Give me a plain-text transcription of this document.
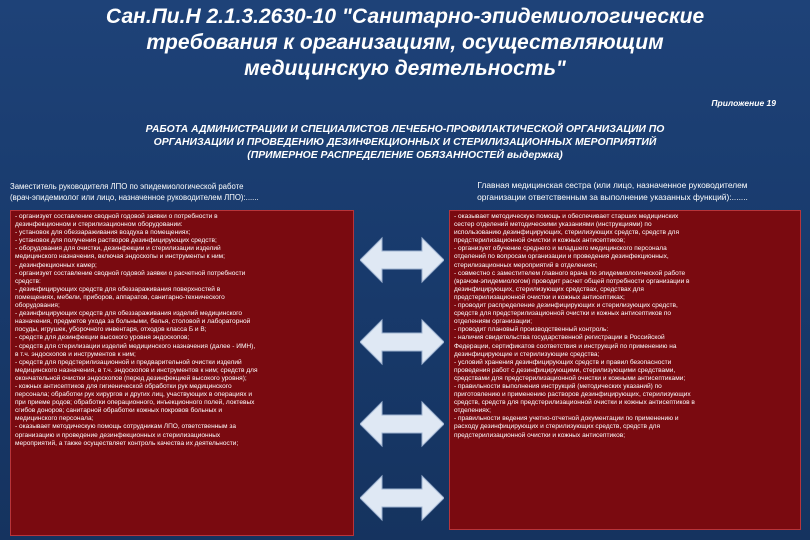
Сан.Пи.Н 2.1.3.2630-10 "Санитарно-эпидемиологические
требования к организациям, осуществляющим
медицинскую деятельность"
Приложение 19
РАБОТА АДМИНИСТРАЦИИ И СПЕЦИАЛИСТОВ ЛЕЧЕБНО-ПРОФИЛАКТИЧЕСКОЙ ОРГАНИЗАЦИИ ПО
ОРГАНИЗАЦИИ И ПРОВЕДЕНИЮ ДЕЗИНФЕКЦИОННЫХ И СТЕРИЛИЗАЦИОННЫХ МЕРОПРИЯТИЙ
(ПРИМЕРНОЕ РАСПРЕДЕЛЕНИЕ ОБЯЗАННОСТЕЙ выдержка)
Заместитель руководителя ЛПО по эпидемиологической работе
(врач-эпидемиолог или лицо, назначенное руководителем ЛПО):......
Главная медицинская сестра (или лицо, назначенное руководителем
организации ответственным за выполнение указанных функций):.......
- организует составление сводной годовой заявки о потребности в
дезинфекционном и стерилизационном оборудовании:
- установок для обеззараживания воздуха в помещениях;
- установок для получения растворов дезинфицирующих средств;
- оборудования для очистки, дезинфекции и стерилизации изделий
медицинского назначения, включая эндоскопы и инструменты к ним;
- дезинфекционных камер;
- организует составление сводной годовой заявки о расчетной потребности
средств:
- дезинфицирующих средств для обеззараживания поверхностей в
помещениях, мебели, приборов, аппаратов, санитарно-технического
оборудования;
- дезинфицирующих средств для обеззараживания изделий медицинского
назначения, предметов ухода за больными, белья, столовой и лабораторной
посуды, игрушек, уборочного инвентаря, отходов класса Б и В;
- средств для дезинфекции высокого уровня эндоскопов;
- средств для стерилизации изделий медицинского назначения (далее - ИМН),
в т.ч. эндоскопов и инструментов к ним;
- средств для предстерилизационной и предварительной очистки изделий
медицинского назначения, в т.ч. эндоскопов и инструментов к ним; средств для
окончательной очистки эндоскопов (перед дезинфекцией высокого уровня);
- кожных антисептиков для гигиенической обработки рук медицинского
персонала; обработки рук хирургов и других лиц, участвующих в операциях и
при приеме родов; обработки операционного, инъекционного полей, локтевых
сгибов доноров; санитарной обработки кожных покровов больных и
медицинского персонала;
- оказывает методическую помощь сотрудникам ЛПО, ответственным за
организацию и проведение дезинфекционных и стерилизационных
мероприятий, а также осуществляет контроль качества их деятельности;
- оказывает методическую помощь и обеспечивает старших медицинских
сестер отделений методическими указаниями (инструкциями) по
использованию дезинфицирующих, стерилизующих средств, средств для
предстерилизационной очистки и кожных антисептиков;
- организует обучение среднего и младшего медицинского персонала
отделений по вопросам организации и проведения дезинфекционных,
стерилизационных мероприятий в отделениях;
- совместно с заместителем главного врача по эпидемиологической работе
(врачом-эпидемиологом) проводит расчет общей потребности организации в
дезинфицирующих, стерилизующих средствах, средствах для
предстерилизационной очистки и кожных антисептиках;
- проводит распределение дезинфицирующих и стерилизующих средств,
средств для предстерилизационной очистки и кожных антисептиков по
отделениям организации;
- проводит плановый производственный контроль:
- наличия свидетельства государственной регистрации в Российской
Федерации, сертификатов соответствия и инструкций по применению на
дезинфицирующие и стерилизующие средства;
- условий хранения дезинфицирующих средств и правил безопасности
проведения работ с дезинфицирующими, стерилизующими средствами,
средствами для предстерилизационной очистки и кожными антисептиками;
- правильности выполнения инструкций (методических указаний) по
приготовлению и применению растворов дезинфицирующих, стерилизующих
средств, средств для предстерилизационной очистки и кожных антисептиков в
отделениях;
- правильности ведения учетно-отчетной документации по применению и
расходу дезинфицирующих и стерилизующих средств, средств для
предстерилизационной очистки и кожных антисептиков;
